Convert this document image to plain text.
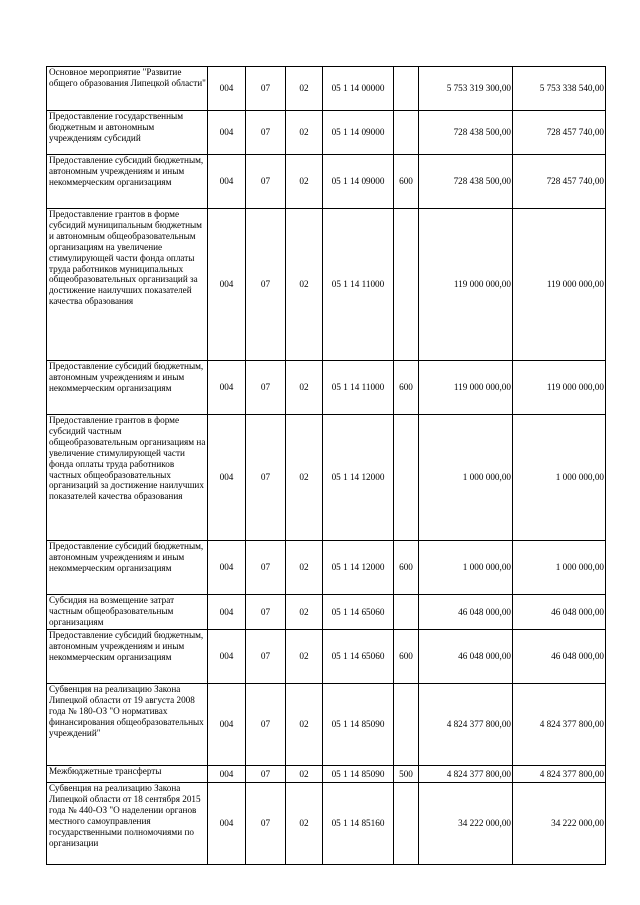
Основное мероприятие "Развитие общего образования Липецкой области"	004	07	02	05 1 14 00000		5 753 319 300,00	5 753 338 540,00
Предоставление государственным бюджетным и автономным учреждениям субсидий	004	07	02	05 1 14 09000		728 438 500,00	728 457 740,00
Предоставление субсидий бюджетным, автономным учреждениям и иным некоммерческим организациям	004	07	02	05 1 14 09000	600	728 438 500,00	728 457 740,00
Предоставление грантов в форме субсидий муниципальным бюджетным и автономным общеобразовательным организациям на увеличение стимулирующей части фонда оплаты труда работников муниципальных общеобразовательных организаций за достижение наилучших показателей качества образования	004	07	02	05 1 14 11000		119 000 000,00	119 000 000,00
Предоставление субсидий бюджетным, автономным учреждениям и иным некоммерческим организациям	004	07	02	05 1 14 11000	600	119 000 000,00	119 000 000,00
Предоставление грантов в форме субсидий частным общеобразовательным организациям на увеличение стимулирующей части фонда оплаты труда работников частных общеобразовательных организаций за достижение наилучших показателей качества образования	004	07	02	05 1 14 12000		1 000 000,00	1 000 000,00
Предоставление субсидий бюджетным, автономным учреждениям и иным некоммерческим организациям	004	07	02	05 1 14 12000	600	1 000 000,00	1 000 000,00
Субсидия на возмещение затрат частным общеобразовательным организациям	004	07	02	05 1 14 65060		46 048 000,00	46 048 000,00
Предоставление субсидий бюджетным, автономным учреждениям и иным некоммерческим организациям	004	07	02	05 1 14 65060	600	46 048 000,00	46 048 000,00
Субвенция на реализацию Закона Липецкой области от 19 августа 2008 года № 180-ОЗ "О нормативах финансирования общеобразовательных учреждений"	004	07	02	05 1 14 85090		4 824 377 800,00	4 824 377 800,00
Межбюджетные трансферты	004	07	02	05 1 14 85090	500	4 824 377 800,00	4 824 377 800,00
Субвенция на реализацию Закона Липецкой области от 18 сентября 2015 года № 440-ОЗ "О наделении органов местного самоуправления государственными полномочиями по организации	004	07	02	05 1 14 85160		34 222 000,00	34 222 000,00
